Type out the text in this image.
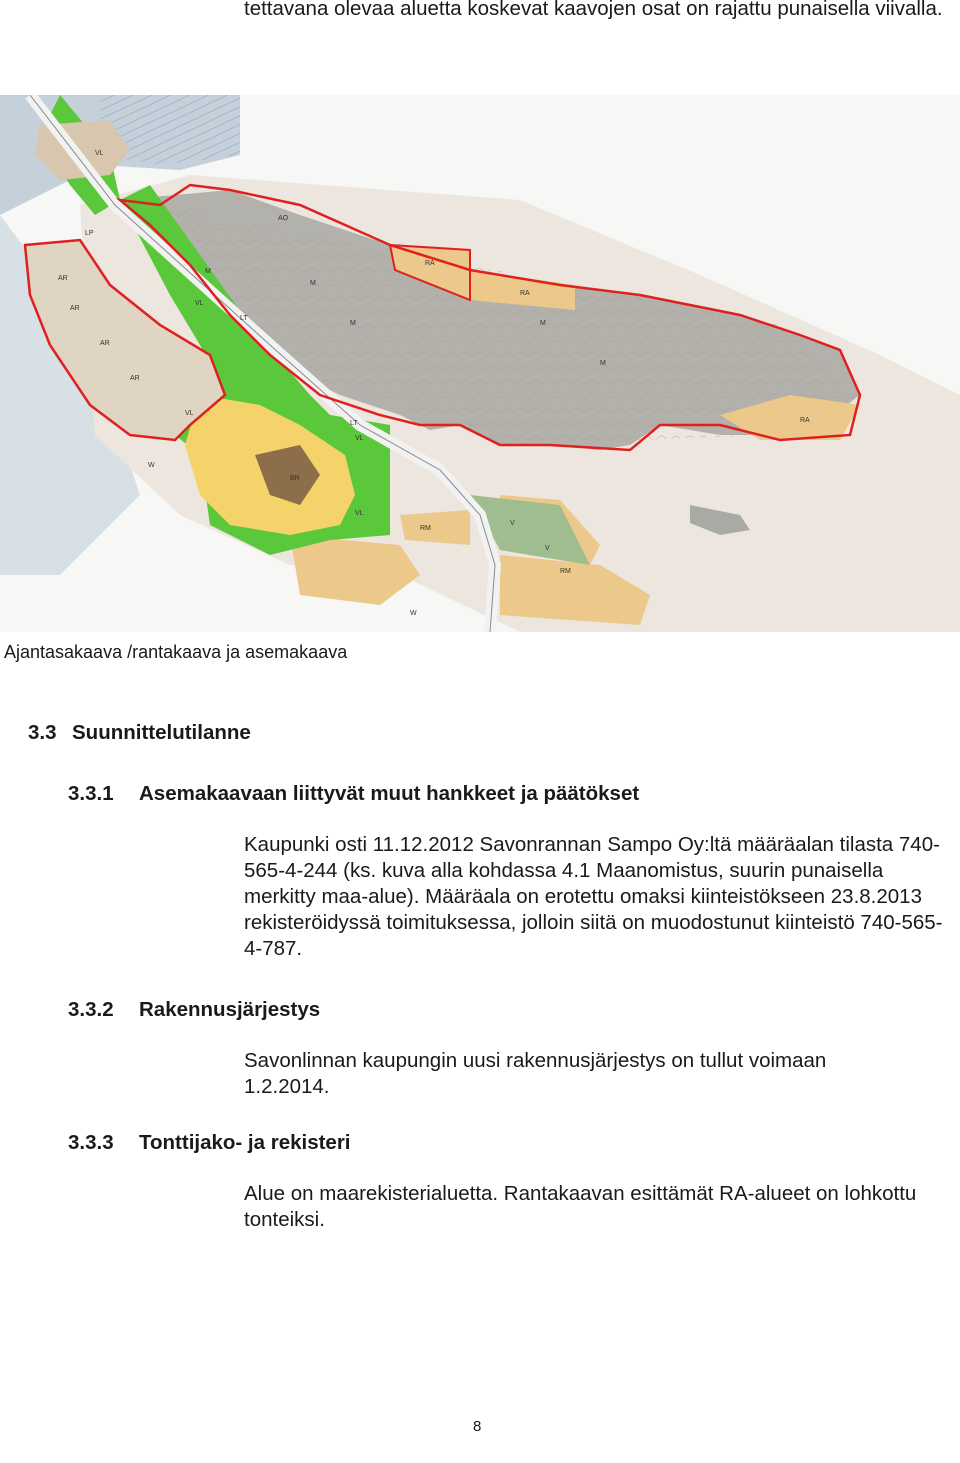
tettavana olevaa aluetta koskevat kaavojen osat on rajattu punaisella viivalla.

AR
AR
AR
AR
VL
VL
VL
VL
VL
LT
LT
LP
AO
M
M
M	M
M
W
W
V
V
RA
RA
RA
RM
RM
BR
Ajantasakaava /rantakaava ja asemakaava
3.3 Suunnittelutilanne
3.3.1 Asemakaavaan liittyvät muut hankkeet ja päätökset

Kaupunki osti 11.12.2012 Savonrannan Sampo Oy:ltä määräalan tilasta 740-565-4-244 (ks. kuva alla kohdassa 4.1 Maanomistus, suurin punaisella merkitty maa-alue). Määräala on erotettu omaksi kiinteistökseen 23.8.2013 rekisteröidyssä toimituksessa, jolloin siitä on muodostunut kiinteistö 740-565-4-787.

3.3.2 Rakennusjärjestys

Savonlinnan kaupungin uusi rakennusjärjestys on tullut voimaan 1.2.2014.

3.3.3 Tonttijako- ja rekisteri

Alue on maarekisterialuetta. Rantakaavan esittämät RA-alueet on lohkottu tonteiksi.

8
